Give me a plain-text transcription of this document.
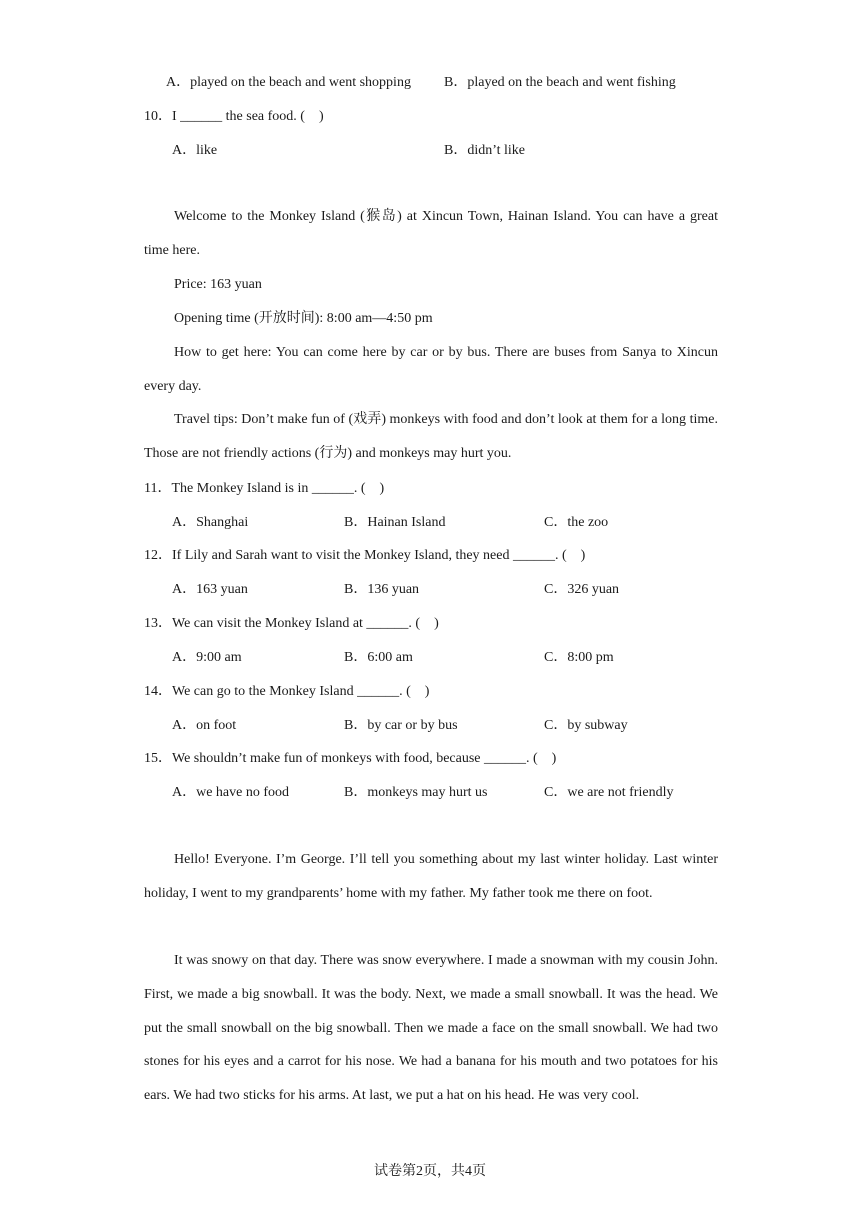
A．played on the beach and went shopping B．played on the beach and went fishing
10．I ______ the sea food. (　)
A．like	B．didn’t like
Welcome to the Monkey Island (猴岛) at Xincun Town, Hainan Island. You can have a great time here.
Price: 163 yuan
Opening time (开放时间): 8:00 am—4:50 pm
How to get here: You can come here by car or by bus. There are buses from Sanya to Xincun every day.
Travel tips: Don’t make fun of (戏弄) monkeys with food and don’t look at them for a long time. Those are not friendly actions (行为) and monkeys may hurt you.
11．The Monkey Island is in ______. (　)
A．Shanghai	B．Hainan Island	C．the zoo
12．If Lily and Sarah want to visit the Monkey Island, they need ______. (　)
A．163 yuan	B．136 yuan	C．326 yuan
13．We can visit the Monkey Island at ______. (　)
A．9:00 am	B．6:00 am	C．8:00 pm
14．We can go to the Monkey Island ______. (　)
A．on foot	B．by car or by bus	C．by subway
15．We shouldn’t make fun of monkeys with food, because ______. (　)
A．we have no food	B．monkeys may hurt us	C．we are not friendly
Hello! Everyone. I’m George. I’ll tell you something about my last winter holiday. Last winter holiday, I went to my grandparents’ home with my father. My father took me there on foot.
It was snowy on that day. There was snow everywhere. I made a snowman with my cousin John. First, we made a big snowball. It was the body. Next, we made a small snowball. It was the head. We put the small snowball on the big snowball. Then we made a face on the small snowball. We had two stones for his eyes and a carrot for his nose. We had a banana for his mouth and two potatoes for his ears. We had two sticks for his arms. At last, we put a hat on his head. He was very cool.
试卷第2页，共4页
